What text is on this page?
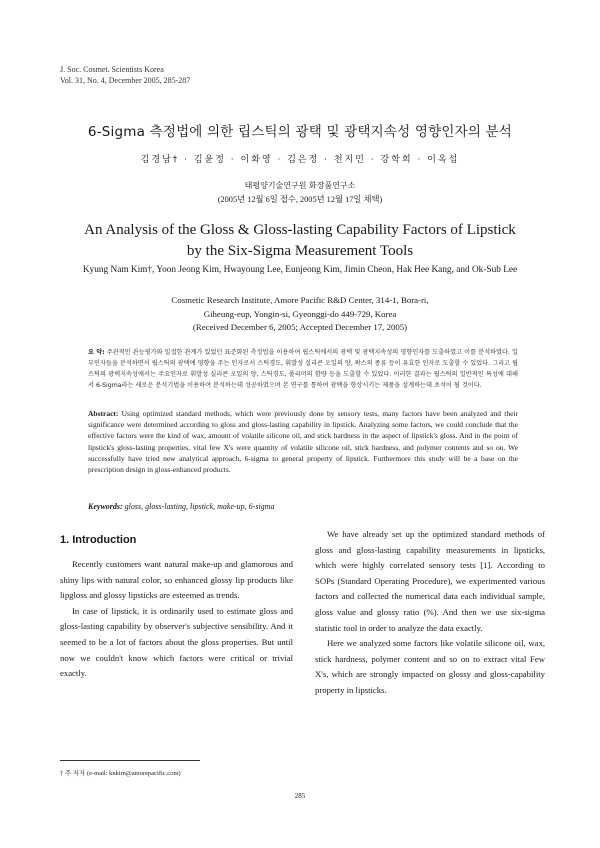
J. Soc. Cosmet. Scientists Korea
Vol. 31, No. 4, December 2005, 285-287
6-Sigma 측정법에 의한 립스틱의 광택 및 광택지속성 영향인자의 분석
김경남† · 김윤정 · 이화영 · 김은정 · 천지민 · 강학희 · 이옥섭
태평양기술연구원 화장품연구소
(2005년 12월 6일 접수, 2005년 12월 17일 채택)
An Analysis of the Gloss & Gloss-lasting Capability Factors of Lipstick
by the Six-Sigma Measurement Tools
Kyung Nam Kim†, Yoon Jeong Kim, Hwayoung Lee, Eunjeong Kim, Jimin Cheon, Hak Hee Kang, and Ok-Sub Lee
Cosmetic Research Institute, Amore Pacific R&D Center, 314-1, Bora-ri,
Giheung-eup, Yongin-si, Gyeonggi-do 449-729, Korea
(Received December 6, 2005; Accepted December 17, 2005)
요 약: 주관적인 관능평가와 밀접한 관계가 있었던 표준화된 측정법을 이용하여 립스틱에서의 광택 및 광택지속성의 영향인자를 도출하였고 이를 분석하였다. 일부인자들을 분석하면서 립스틱의 광택에 영향을 주는 인자로서 스틱경도, 휘발성 실리콘 오일의 양, 왁스의 종류 등이 유효한 인자로 도출할 수 있었다. 그리고 립스틱의 광택지속성에서는 주요인자로 휘발성 실리콘 오일의 양, 스틱경도, 폴리머의 함량 등을 도출할 수 있었다. 이러한 결과는 립스틱의 일반적인 특성에 대해서 6-Sigma라는 새로운 분석기법을 이용하여 분석하는데 성공하였으며 본 연구를 통하여 광택을 향상시키는 제품을 설계하는데 초석이 될 것이다.
Abstract: Using optimized standard methods, which were previously done by sensory tests, many factors have been analyzed and their significance were determined according to gloss and gloss-lasting capability in lipstick. Analyzing some factors, we could conclude that the effective factors were the kind of wax, amount of volatile silicone oil, and stick hardness in the aspect of lipstick's gloss. And in the point of lipstick's gloss-lasting properties, vital few X's were quantity of volatile silicone oil, stick hardness, and polymer contents and so on. We successfully have tried new analytical approach, 6-sigma to general property of lipstick. Furthermore this study will be a base on the prescription design in gloss-enhanced products.
Keywords: gloss, gloss-lasting, lipstick, make-up, 6-sigma
1. Introduction

Recently customers want natural make-up and glamorous and shiny lips with natural color, so enhanced glossy lip products like lipgloss and glossy lipsticks are esteemed as trends.

In case of lipstick, it is ordinarily used to estimate gloss and gloss-lasting capability by observer's subjective sensibility. And it seemed to be a lot of factors about the gloss properties. But until now we couldn't know which factors were critical or trivial exactly.

We have already set up the optimized standard methods of gloss and gloss-lasting capability measurements in lipsticks, which were highly correlated sensory tests [1]. According to SOPs (Standard Operating Procedure), we experimented various factors and collected the numerical data each individual sample, gloss value and glossy ratio (%). And then we use six-sigma statistic tool in order to analyze the data exactly.

Here we analyzed some factors like volatile silicone oil, wax, stick hardness, polymer content and so on to extract vital Few X's, which are strongly impacted on glossy and gloss-capability property in lipsticks.

† 주 저자 (e-mail: knkim@amorepacific.com)
285
